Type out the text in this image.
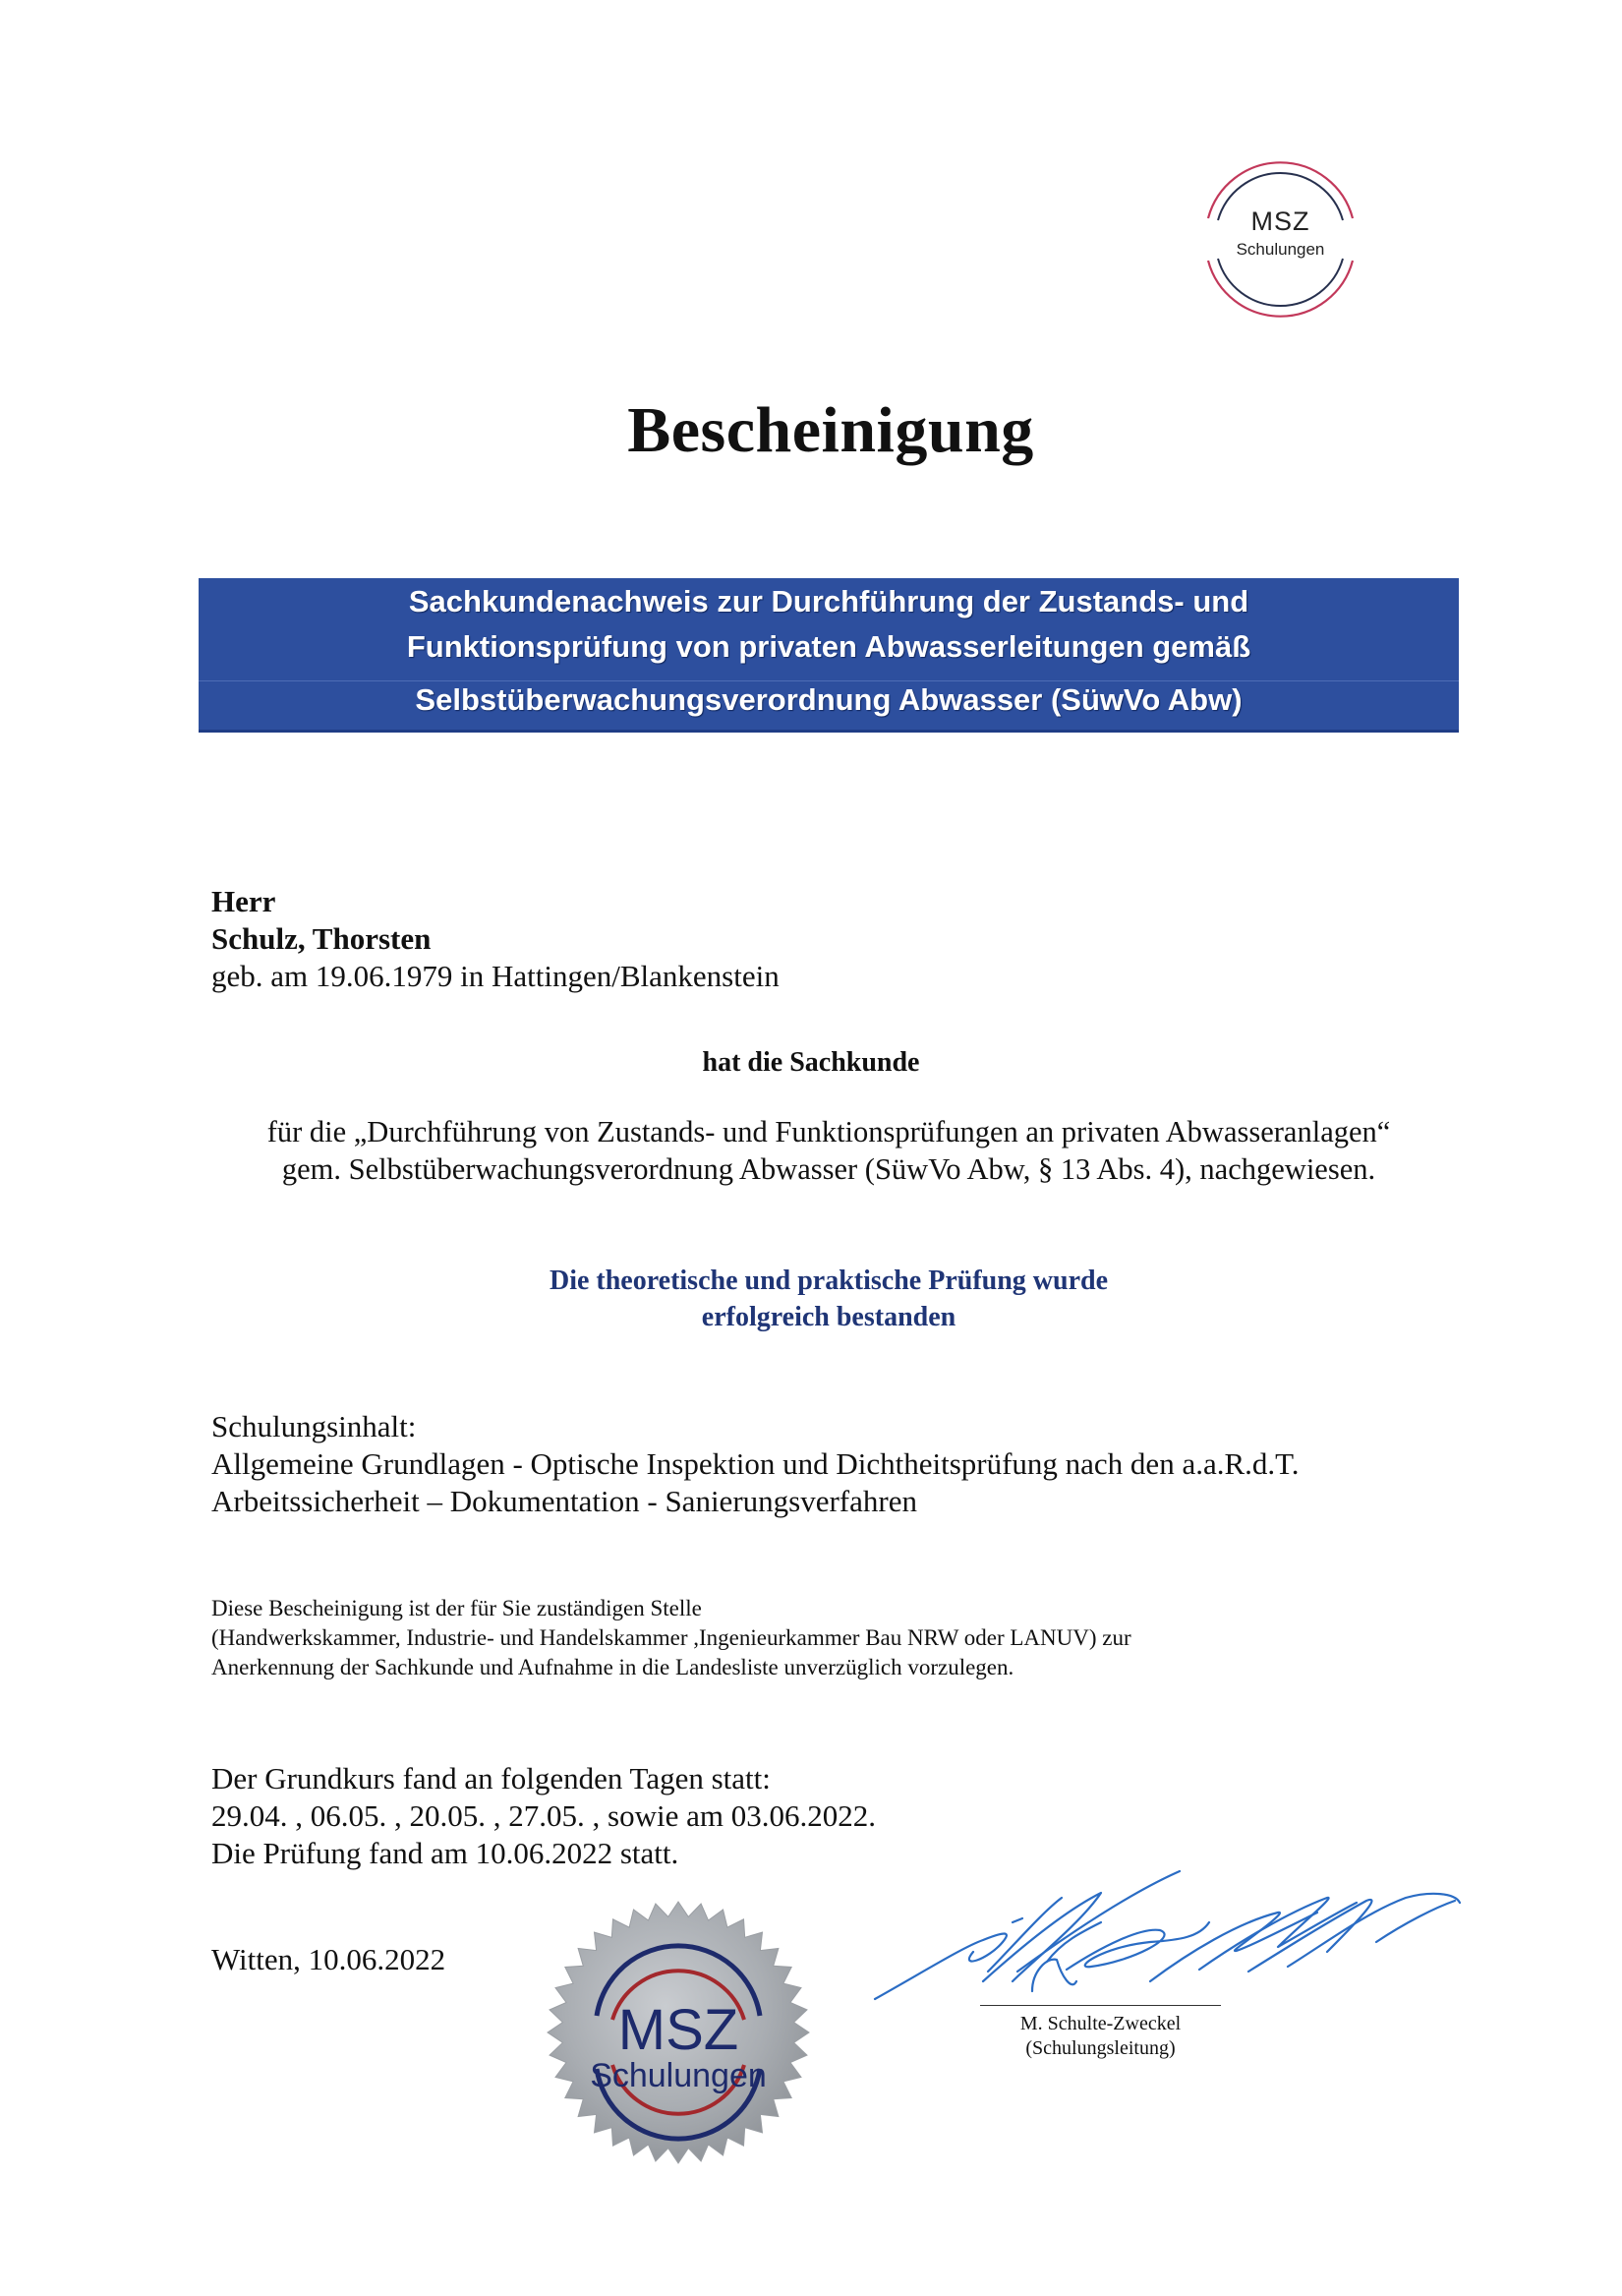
MSZ
Schulungen
Bescheinigung
Sachkundenachweis zur Durchführung der Zustands- und
Funktionsprüfung von privaten Abwasserleitungen gemäß
Selbstüberwachungsverordnung Abwasser (SüwVo Abw)
Herr
Schulz, Thorsten
geb. am 19.06.1979 in Hattingen/Blankenstein
hat die Sachkunde
für die „Durchführung von Zustands- und Funktionsprüfungen an privaten Abwasseranlagen“
gem. Selbstüberwachungsverordnung Abwasser (SüwVo Abw, § 13 Abs. 4), nachgewiesen.
Die theoretische und praktische Prüfung wurde
erfolgreich bestanden
Schulungsinhalt:
Allgemeine Grundlagen - Optische Inspektion und Dichtheitsprüfung nach den a.a.R.d.T.
Arbeitssicherheit – Dokumentation - Sanierungsverfahren
Diese Bescheinigung ist der für Sie zuständigen Stelle
(Handwerkskammer, Industrie- und Handelskammer ,Ingenieurkammer Bau NRW oder LANUV) zur
Anerkennung der Sachkunde und Aufnahme in die Landesliste unverzüglich vorzulegen.
Der Grundkurs fand an folgenden Tagen statt:
29.04. , 06.05. , 20.05. , 27.05. , sowie am 03.06.2022.
Die Prüfung fand am 10.06.2022 statt.
Witten, 10.06.2022
MSZ
Schulungen
M. Schulte-Zweckel
(Schulungsleitung)
